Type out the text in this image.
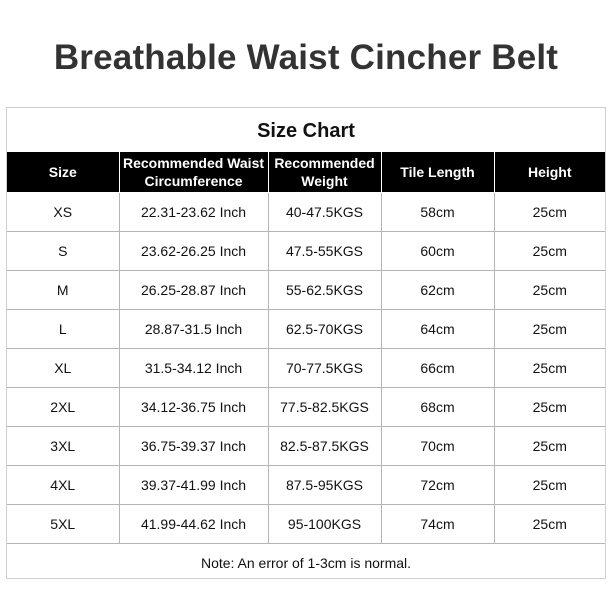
Breathable Waist Cincher Belt
Size Chart
Size	Recommended Waist Circumference	Recommended Weight	Tile Length	Height
XS	22.31-23.62 Inch	40-47.5KGS	58cm	25cm
S	23.62-26.25 Inch	47.5-55KGS	60cm	25cm
M	26.25-28.87 Inch	55-62.5KGS	62cm	25cm
L	28.87-31.5 Inch	62.5-70KGS	64cm	25cm
XL	31.5-34.12 Inch	70-77.5KGS	66cm	25cm
2XL	34.12-36.75 Inch	77.5-82.5KGS	68cm	25cm
3XL	36.75-39.37 Inch	82.5-87.5KGS	70cm	25cm
4XL	39.37-41.99 Inch	87.5-95KGS	72cm	25cm
5XL	41.99-44.62 Inch	95-100KGS	74cm	25cm
Note: An error of 1-3cm is normal.				
